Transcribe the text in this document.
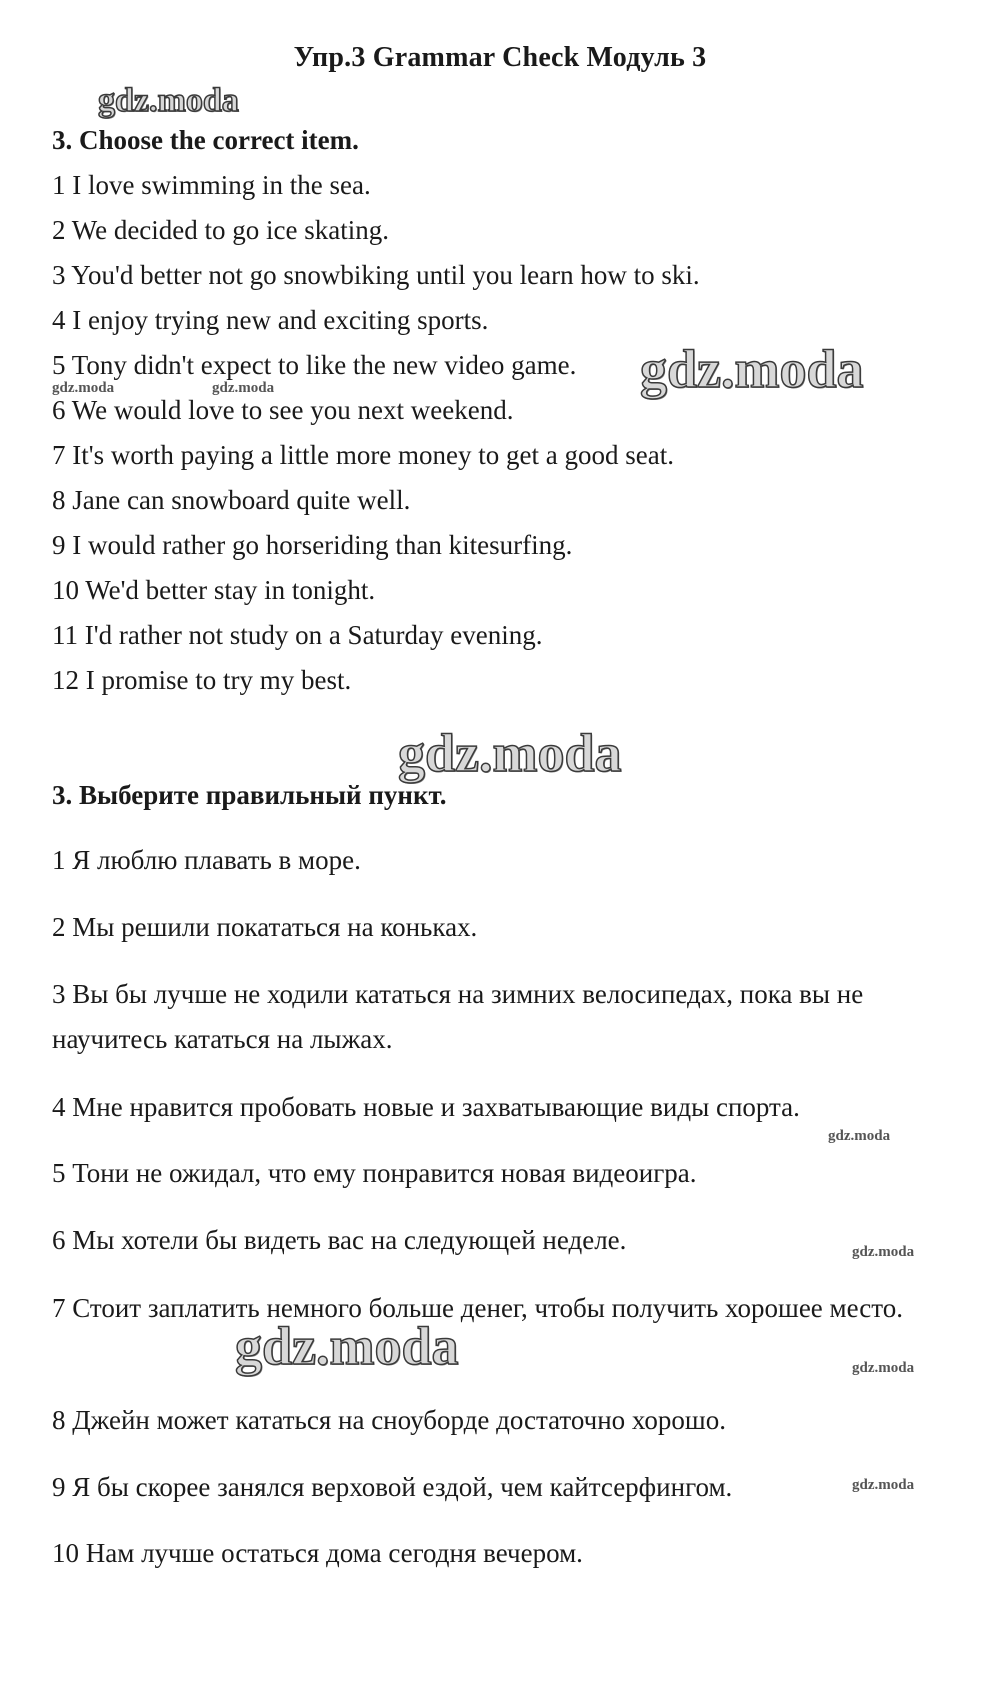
Упр.3 Grammar Check Модуль 3
gdz.moda
gdz.moda
gdz.moda	gdz.moda
gdz.moda
gdz.moda
gdz.moda
gdz.moda	gdz.moda
gdz.moda
3. Choose the correct item.
1 I love swimming in the sea.
2 We decided to go ice skating.
3 You'd better not go snowbiking until you learn how to ski.
4 I enjoy trying new and exciting sports.
5 Tony didn't expect to like the new video game.
6 We would love to see you next weekend.
7 It's worth paying a little more money to get a good seat.
8 Jane can snowboard quite well.
9 I would rather go horseriding than kitesurfing.
10 We'd better stay in tonight.
11 I'd rather not study on a Saturday evening.
12 I promise to try my best.
3. Выберите правильный пункт.
1 Я люблю плавать в море.
2 Мы решили покататься на коньках.
3 Вы бы лучше не ходили кататься на зимних велосипедах, пока вы не научитесь кататься на лыжах.
4 Мне нравится пробовать новые и захватывающие виды спорта.
5 Тони не ожидал, что ему понравится новая видеоигра.
6 Мы хотели бы видеть вас на следующей неделе.
7 Стоит заплатить немного больше денег, чтобы получить хорошее место.
8 Джейн может кататься на сноуборде достаточно хорошо.
9 Я бы скорее занялся верховой ездой, чем кайтсерфингом.
10 Нам лучше остаться дома сегодня вечером.
